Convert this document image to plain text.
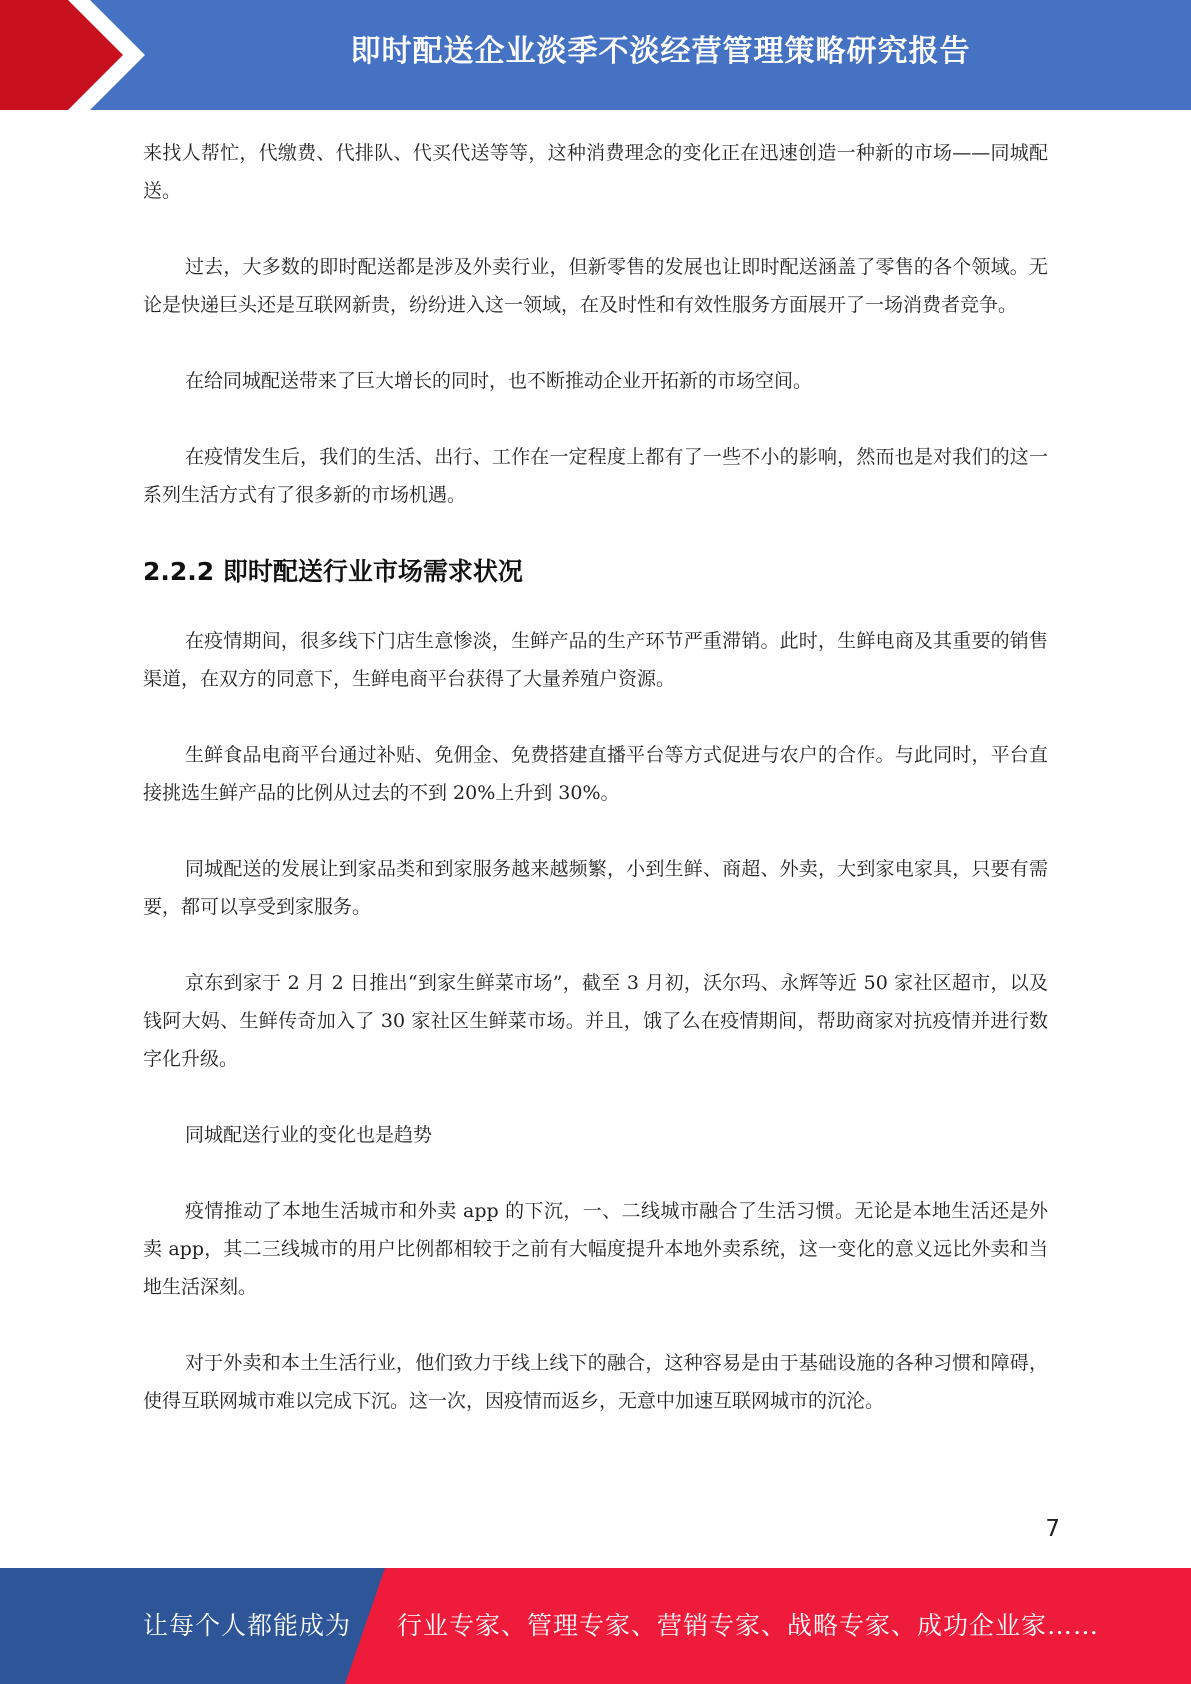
即时配送企业淡季不淡经营管理策略研究报告

来找人帮忙，代缴费、代排队、代买代送等等，这种消费理念的变化正在迅速创造一种新的市场——同城配送。

过去，大多数的即时配送都是涉及外卖行业，但新零售的发展也让即时配送涵盖了零售的各个领域。无论是快递巨头还是互联网新贵，纷纷进入这一领域，在及时性和有效性服务方面展开了一场消费者竞争。

在给同城配送带来了巨大增长的同时，也不断推动企业开拓新的市场空间。

在疫情发生后，我们的生活、出行、工作在一定程度上都有了一些不小的影响，然而也是对我们的这一系列生活方式有了很多新的市场机遇。

2.2.2 即时配送行业市场需求状况

在疫情期间，很多线下门店生意惨淡，生鲜产品的生产环节严重滞销。此时，生鲜电商及其重要的销售渠道，在双方的同意下，生鲜电商平台获得了大量养殖户资源。

生鲜食品电商平台通过补贴、免佣金、免费搭建直播平台等方式促进与农户的合作。与此同时，平台直接挑选生鲜产品的比例从过去的不到 20%上升到 30%。

同城配送的发展让到家品类和到家服务越来越频繁，小到生鲜、商超、外卖，大到家电家具，只要有需要，都可以享受到家服务。

京东到家于 2 月 2 日推出“到家生鲜菜市场”，截至 3 月初，沃尔玛、永辉等近 50 家社区超市，以及钱阿大妈、生鲜传奇加入了 30 家社区生鲜菜市场。并且，饿了么在疫情期间，帮助商家对抗疫情并进行数字化升级。

同城配送行业的变化也是趋势

疫情推动了本地生活城市和外卖 app 的下沉，一、二线城市融合了生活习惯。无论是本地生活还是外卖 app，其二三线城市的用户比例都相较于之前有大幅度提升本地外卖系统，这一变化的意义远比外卖和当地生活深刻。

对于外卖和本土生活行业，他们致力于线上线下的融合，这种容易是由于基础设施的各种习惯和障碍，使得互联网城市难以完成下沉。这一次，因疫情而返乡，无意中加速互联网城市的沉沦。

7
让每个人都能成为 行业专家、管理专家、营销专家、战略专家、成功企业家……
